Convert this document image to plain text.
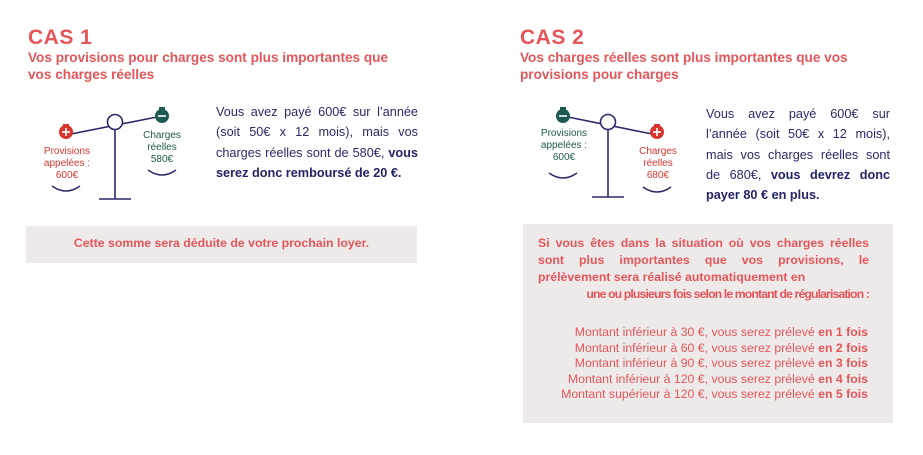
CAS 1
Vos provisions pour charges sont plus importantes que
vos charges réelles
Provisions
appelées :
600€
Charges
réelles
580€
Vous avez payé 600€ sur l’année (soit 50€ x 12 mois), mais vos charges réelles sont de 580€, vous serez donc remboursé de 20 €.
Cette somme sera déduite de votre prochain loyer.
CAS 2
Vos charges réelles sont plus importantes que vos
provisions pour charges
Provisions
appelées :
600€
Charges
réelles
680€
Vous avez payé 600€ sur l’année (soit 50€ x 12 mois), mais vos charges réelles sont de 680€, vous devrez donc payer 80 € en plus.
Si vous êtes dans la situation où vos charges réelles sont plus importantes que vos provisions, le prélèvement sera réalisé automatiquement en
une ou plusieurs fois selon le montant de régularisation :
Montant inférieur à 30 €, vous serez prélevé en 1 fois
Montant inférieur à 60 €, vous serez prélevé en 2 fois
Montant inférieur à 90 €, vous serez prélevé en 3 fois
Montant inférieur à 120 €, vous serez prélevé en 4 fois
Montant supérieur à 120 €, vous serez prélevé en 5 fois
